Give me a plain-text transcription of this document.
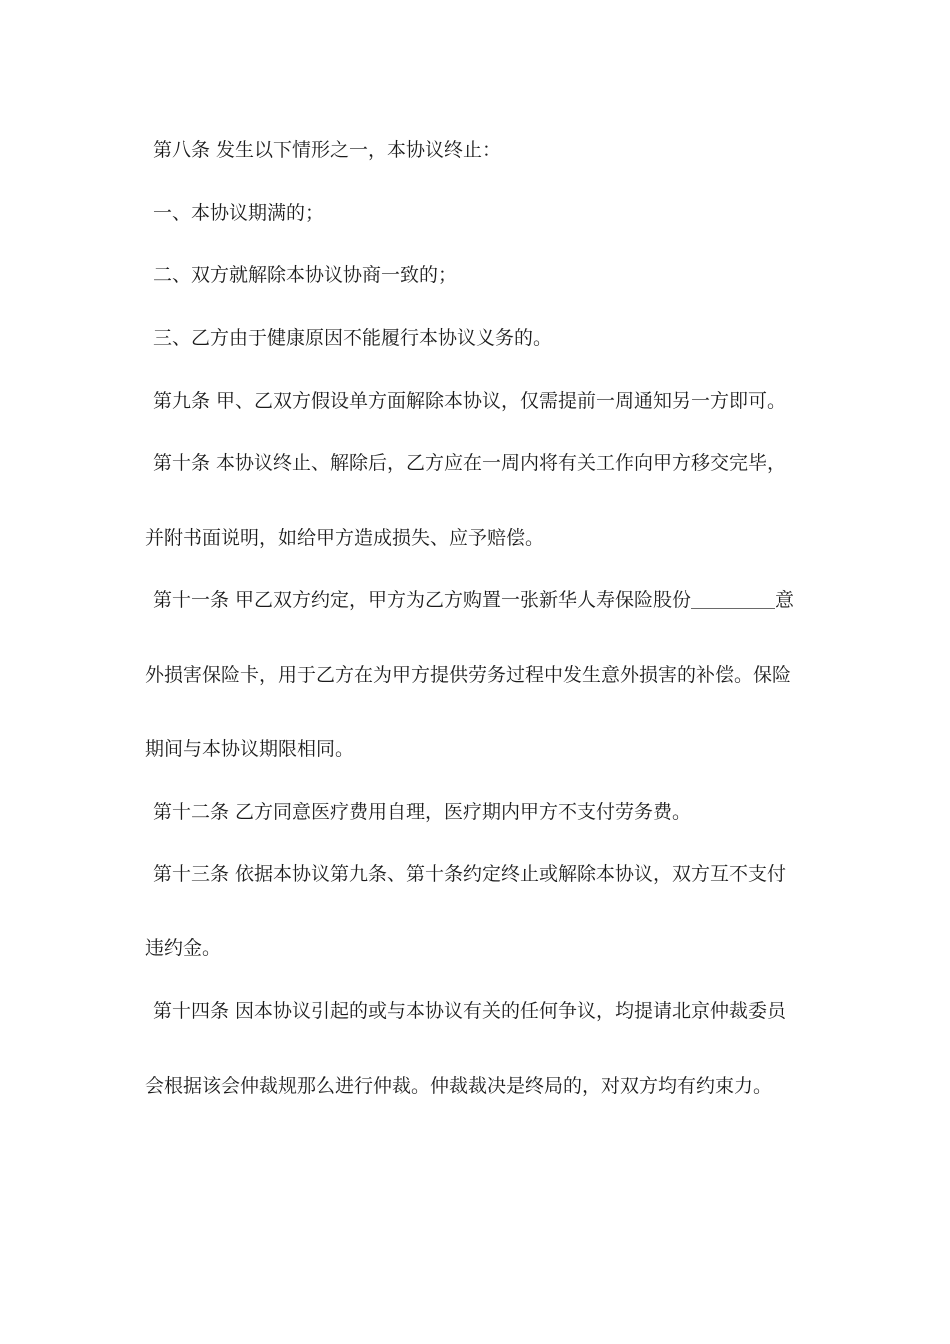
第八条 发生以下情形之一，本协议终止：
一、本协议期满的；
二、双方就解除本协议协商一致的；
三、乙方由于健康原因不能履行本协议义务的。
第九条 甲、乙双方假设单方面解除本协议，仅需提前一周通知另一方即可。
第十条 本协议终止、解除后，乙方应在一周内将有关工作向甲方移交完毕，
并附书面说明，如给甲方造成损失、应予赔偿。
第十一条 甲乙双方约定，甲方为乙方购置一张新华人寿保险股份	意
外损害保险卡，用于乙方在为甲方提供劳务过程中发生意外损害的补偿。保险
期间与本协议期限相同。
第十二条 乙方同意医疗费用自理，医疗期内甲方不支付劳务费。
第十三条 依据本协议第九条、第十条约定终止或解除本协议，双方互不支付
违约金。
第十四条 因本协议引起的或与本协议有关的任何争议，均提请北京仲裁委员
会根据该会仲裁规那么进行仲裁。仲裁裁决是终局的，对双方均有约束力。
